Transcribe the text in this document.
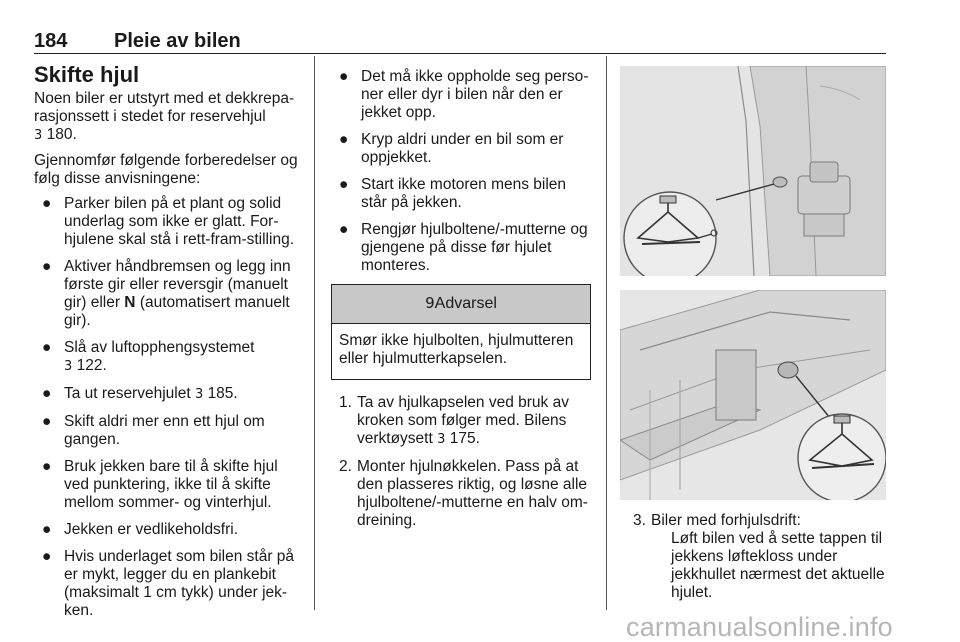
184 Pleie av bilen
Skifte hjul

Noen biler er utstyrt med et dekkreparasjonssett i stedet for reservehjul
3 180.

Gjennomfør følgende forberedelser og følg disse anvisningene:

● Parker bilen på et plant og solid underlag som ikke er glatt. Forhjulene skal stå i rett-fram-stilling.
● Aktiver håndbremsen og legg inn første gir eller reversgir (manuelt gir) eller N (automatisert manuelt gir).
● Slå av luftopphengsystemet
3 122.
● Ta ut reservehjulet 3 185.
● Skift aldri mer enn ett hjul om gangen.
● Bruk jekken bare til å skifte hjul ved punktering, ikke til å skifte mellom sommer- og vinterhjul.
● Jekken er vedlikeholdsfri.
● Hvis underlaget som bilen står på er mykt, legger du en plankebit (maksimalt 1 cm tykk) under jekken.
● Det må ikke oppholde seg personer eller dyr i bilen når den er jekket opp.
● Kryp aldri under en bil som er oppjekket.
● Start ikke motoren mens bilen står på jekken.
● Rengjør hjulboltene/-mutterne og gjengene på disse før hjulet monteres.
9Advarsel
Smør ikke hjulbolten, hjulmutteren eller hjulmutterkapselen.
1. Ta av hjulkapselen ved bruk av kroken som følger med. Bilens verktøysett 3 175.
2. Monter hjulnøkkelen. Pass på at den plasseres riktig, og løsne alle hjulboltene/-mutterne en halv omdreining.	3. Biler med forhjulsdrift:
Løft bilen ved å sette tappen til jekkens løftekloss under jekkhullet nærmest det aktuelle hjulet.
carmanualsonline.info
